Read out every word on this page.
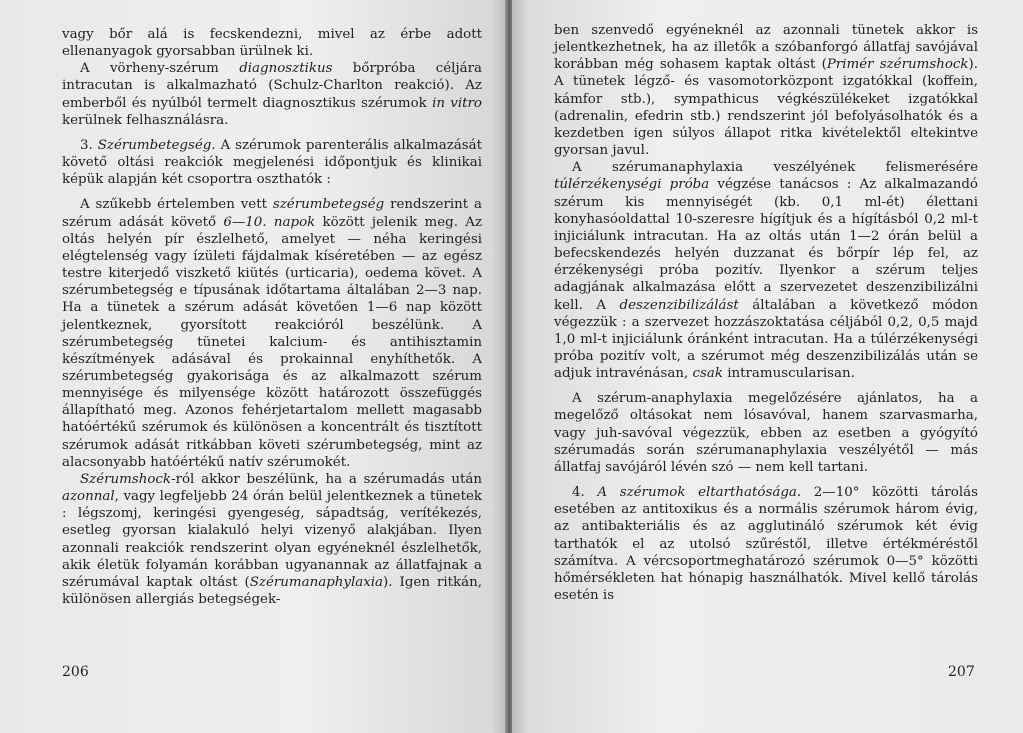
vagy bőr alá is fecskendezni, mivel az érbe adott ellenanyagok gyorsabban ürülnek ki.

A vörheny-szérum diagnosztikus bőrpróba céljára intracutan is alkalmazható (Schulz-Charlton reakció). Az emberből és nyúlból termelt diagnosztikus szérumok in vitro kerülnek felhasználásra.

3. Szérumbetegség. A szérumok parenterális alkalmazását követő oltási reakciók megjelenési időpontjuk és klinikai képük alapján két csoportra oszthatók :

A szűkebb értelemben vett szérumbetegség rendszerint a szérum adását követő 6—10. napok között jelenik meg. Az oltás helyén pír észlelhető, amelyet — néha keringési elégtelenség vagy ízületi fájdalmak kíséretében — az egész testre kiterjedő viszkető kiütés (urticaria), oedema követ. A szérumbetegség e típusának időtartama általában 2—3 nap. Ha a tünetek a szérum adását követően 1—6 nap között jelentkeznek, gyorsított reakcióról beszélünk. A szérumbetegség tünetei kalcium- és antihisztamin készítmények adásával és prokainnal enyhíthetők. A szérumbetegség gyakorisága és az alkalmazott szérum mennyisége és milyensége között határozott összefüggés állapítható meg. Azonos fehérjetartalom mellett magasabb hatóértékű szérumok és különösen a koncentrált és tisztított szérumok adását ritkábban követi szérumbetegség, mint az alacsonyabb hatóértékű natív szérumokét.

Szérumshock-ról akkor beszélünk, ha a szérumadás után azonnal, vagy legfeljebb 24 órán belül jelentkeznek a tünetek : légszomj, keringési gyengeség, sápadtság, verítékezés, esetleg gyorsan kialakuló helyi vizenyő alakjában. Ilyen azonnali reakciók rendszerint olyan egyéneknél észlelhetők, akik életük folyamán korábban ugyanannak az állatfajnak a szérumával kaptak oltást (Szérumanaphylaxia). Igen ritkán, különösen allergiás betegségek-

206

ben szenvedő egyéneknél az azonnali tünetek akkor is jelentkezhetnek, ha az illetők a szóbanforgó állatfaj savójával korábban még sohasem kaptak oltást (Primér szérumshock). A tünetek légző- és vasomotorközpont izgatókkal (koffein, kámfor stb.), sympathicus végkészülékeket izgatókkal (adrenalin, efedrin stb.) rendszerint jól befolyásolhatók és a kezdetben igen súlyos állapot ritka kivételektől eltekintve gyorsan javul.

A szérumanaphylaxia veszélyének felismerésére túlérzékenységi próba végzése tanácsos : Az alkalmazandó szérum kis mennyiségét (kb. 0,1 ml-ét) élettani konyhasóoldattal 10-szeresre hígítjuk és a hígításból 0,2 ml-t injiciálunk intracutan. Ha az oltás után 1—2 órán belül a befecskendezés helyén duzzanat és bőrpír lép fel, az érzékenységi próba pozitív. Ilyenkor a szérum teljes adagjának alkalmazása előtt a szervezetet deszenzibilizálni kell. A deszenzibilizálást általában a következő módon végezzük : a szervezet hozzászoktatása céljából 0,2, 0,5 majd 1,0 ml-t injiciálunk óránként intracutan. Ha a túlérzékenységi próba pozitív volt, a szérumot még deszenzibilizálás után se adjuk intravénásan, csak intramuscularisan.

A szérum-anaphylaxia megelőzésére ajánlatos, ha a megelőző oltásokat nem lósavóval, hanem szarvasmarha, vagy juh-savóval végezzük, ebben az esetben a gyógyító szérumadás során szérumanaphylaxia veszélyétől — más állatfaj savójáról lévén szó — nem kell tartani.

4. A szérumok eltarthatósága. 2—10° közötti tárolás esetében az antitoxikus és a normális szérumok három évig, az antibakteriális és az agglutináló szérumok két évig tarthatók el az utolsó szűréstől, illetve értékméréstől számítva. A vércsoportmeghatározó szérumok 0—5° közötti hőmérsékleten hat hónapig használhatók. Mivel kellő tárolás esetén is

207
